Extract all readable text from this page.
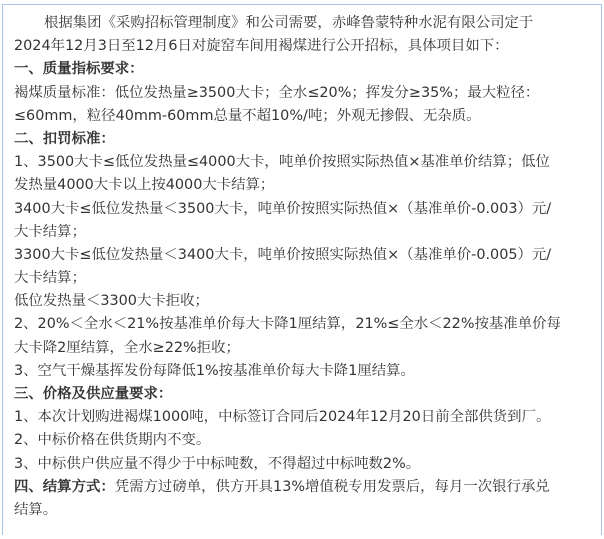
根据集团《采购招标管理制度》和公司需要，赤峰鲁蒙特种水泥有限公司定于
2024年12月3日至12月6日对旋窑车间用褐煤进行公开招标，具体项目如下：
一、质量指标要求：
褐煤质量标准：低位发热量≥3500大卡；全水≤20%；挥发分≥35%；最大粒径：
≤60mm，粒径40mm-60mm总量不超10%/吨；外观无掺假、无杂质。
二、扣罚标准：
1、3500大卡≤低位发热量≤4000大卡，吨单价按照实际热值×基准单价结算；低位
发热量4000大卡以上按4000大卡结算；
3400大卡≤低位发热量＜3500大卡，吨单价按照实际热值×（基准单价-0.003）元/
大卡结算；
3300大卡≤低位发热量＜3400大卡，吨单价按照实际热值×（基准单价-0.005）元/
大卡结算；
低位发热量＜3300大卡拒收；
2、20%＜全水＜21%按基准单价每大卡降1厘结算，21%≤全水＜22%按基准单价每
大卡降2厘结算，全水≥22%拒收；
3、空气干燥基挥发份每降低1%按基准单价每大卡降1厘结算。
三、价格及供应量要求：
1、本次计划购进褐煤1000吨，中标签订合同后2024年12月20日前全部供货到厂。
2、中标价格在供货期内不变。
3、中标供户供应量不得少于中标吨数，不得超过中标吨数2%。
四、结算方式：凭需方过磅单，供方开具13%增值税专用发票后，每月一次银行承兑
结算。
